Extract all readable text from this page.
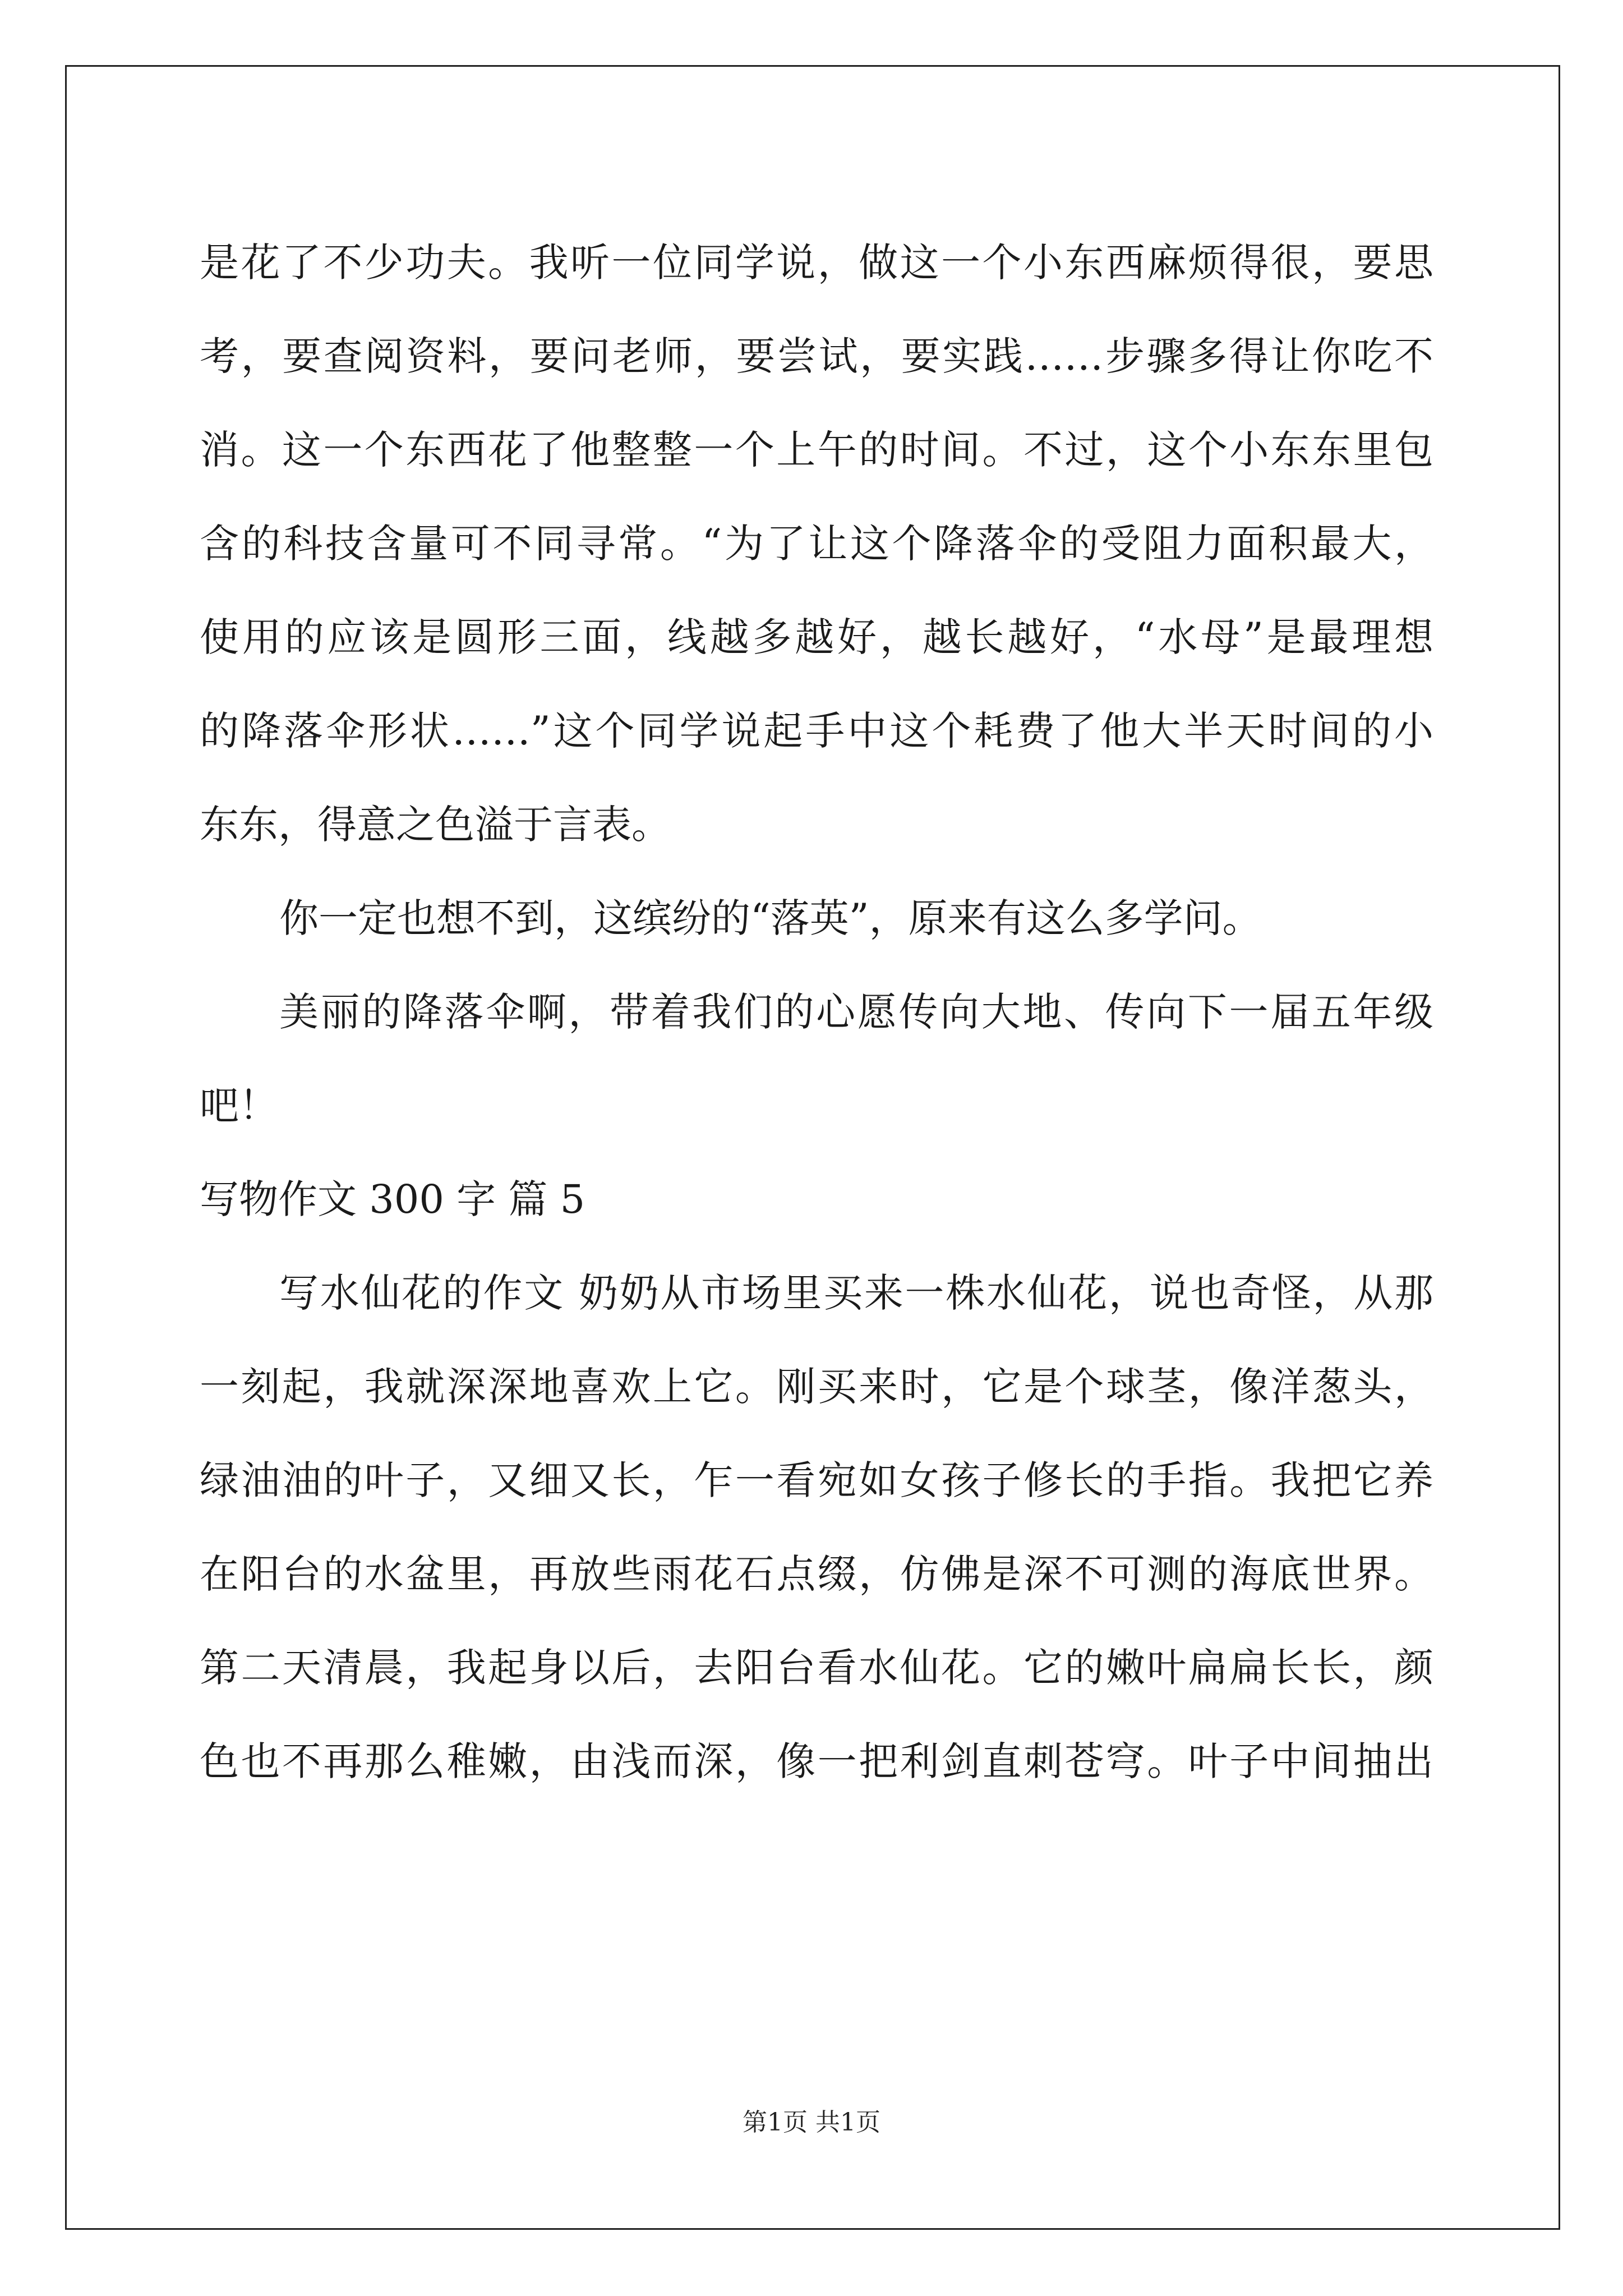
是花了不少功夫。我听一位同学说，做这一个小东西麻烦得很，要思
考，要查阅资料，要问老师，要尝试，要实践……步骤多得让你吃不
消。这一个东西花了他整整一个上午的时间。不过，这个小东东里包
含的科技含量可不同寻常。“为了让这个降落伞的受阻力面积最大，
使用的应该是圆形三面，线越多越好，越长越好，“水母”是最理想
的降落伞形状……”这个同学说起手中这个耗费了他大半天时间的小
东东，得意之色溢于言表。
你一定也想不到，这缤纷的“落英”，原来有这么多学问。
美丽的降落伞啊，带着我们的心愿传向大地、传向下一届五年级
吧！
写物作文 300 字 篇 5
写水仙花的作文 奶奶从市场里买来一株水仙花，说也奇怪，从那
一刻起，我就深深地喜欢上它。刚买来时，它是个球茎，像洋葱头，
绿油油的叶子，又细又长，乍一看宛如女孩子修长的手指。我把它养
在阳台的水盆里，再放些雨花石点缀，仿佛是深不可测的海底世界。
第二天清晨，我起身以后，去阳台看水仙花。它的嫩叶扁扁长长，颜
色也不再那么稚嫩，由浅而深，像一把利剑直刺苍穹。叶子中间抽出
第1页 共1页
